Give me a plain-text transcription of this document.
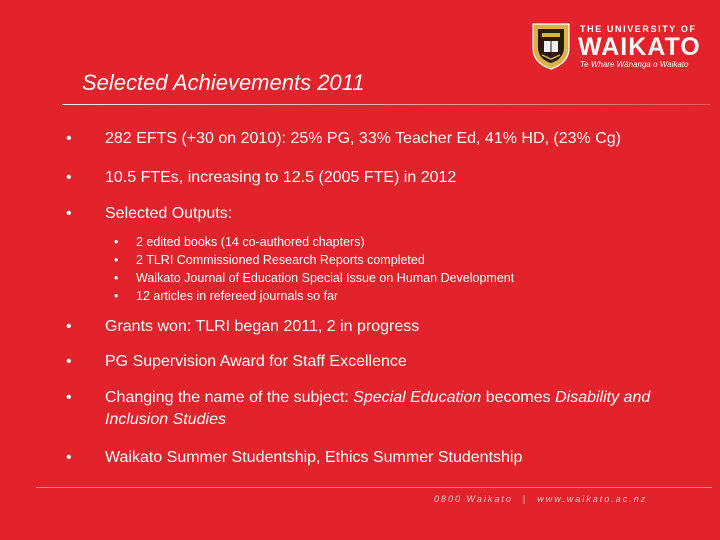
THE UNIVERSITY OF
WAIKATO
Te Whare Wānanga o Waikato
Selected Achievements 2011
• 282 EFTS (+30 on 2010): 25% PG, 33% Teacher Ed, 41% HD, (23% Cg)
• 10.5 FTEs, increasing to 12.5 (2005 FTE) in 2012
• Selected Outputs:
• 2 edited books (14 co-authored chapters)
• 2 TLRI Commissioned Research Reports completed
• Waikato Journal of Education Special Issue on Human Development
• 12 articles in refereed journals so far
• Grants won: TLRI began 2011, 2 in progress
• PG Supervision Award for Staff Excellence
• Changing the name of the subject: Special Education becomes Disability and Inclusion Studies
• Waikato Summer Studentship, Ethics Summer Studentship
0800 Waikato | www.waikato.ac.nz
